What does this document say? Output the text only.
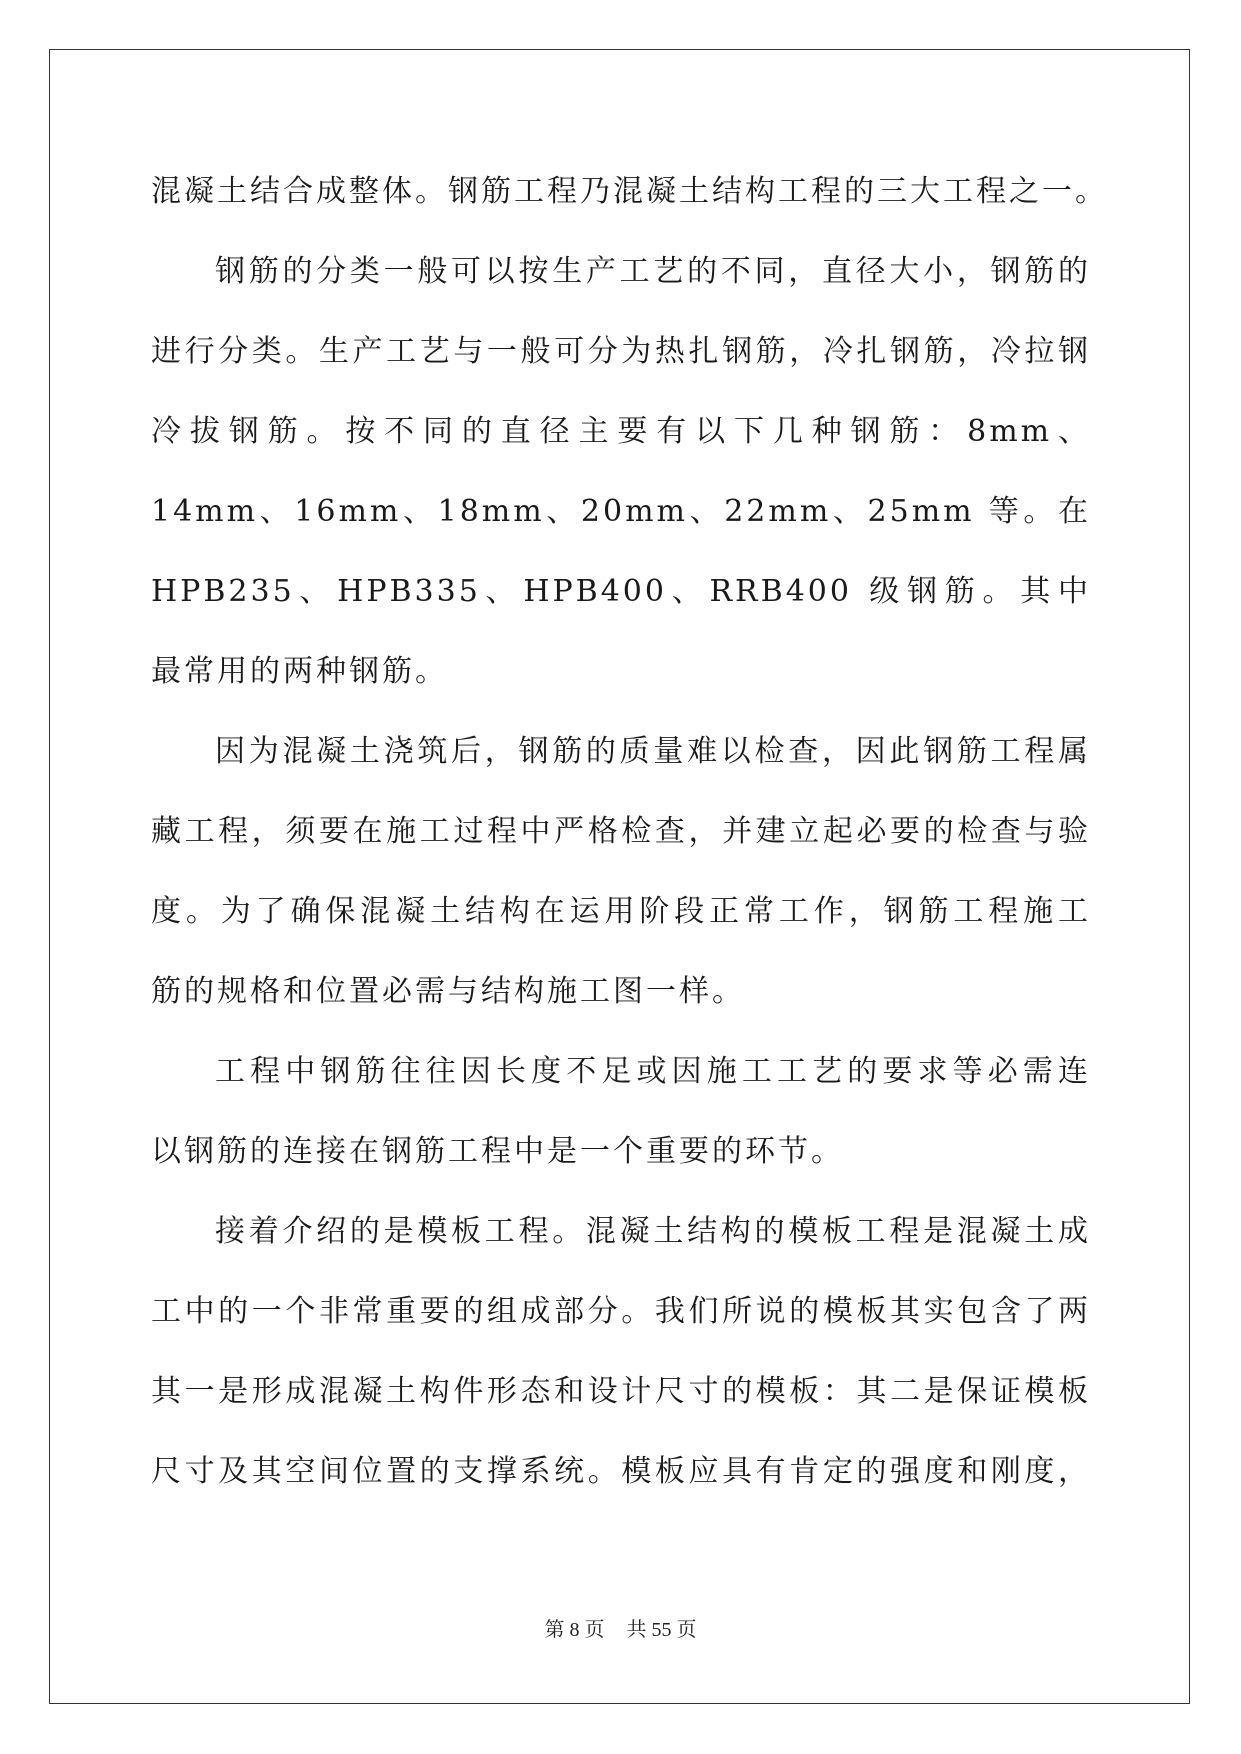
混凝土结合成整体。钢筋工程乃混凝土结构工程的三大工程之一。
钢筋的分类一般可以按生产工艺的不同，直径大小，钢筋的
进行分类。生产工艺与一般可分为热扎钢筋，冷扎钢筋，冷拉钢
冷拔钢筋。按不同的直径主要有以下几种钢筋：8mm、
14mm、16mm、18mm、20mm、22mm、25mm 等。在
HPB235、HPB335、HPB400、RRB400 级钢筋。其中
最常用的两种钢筋。
因为混凝土浇筑后，钢筋的质量难以检查，因此钢筋工程属
藏工程，须要在施工过程中严格检查，并建立起必要的检查与验
度。为了确保混凝土结构在运用阶段正常工作，钢筋工程施工
筋的规格和位置必需与结构施工图一样。
工程中钢筋往往因长度不足或因施工工艺的要求等必需连
以钢筋的连接在钢筋工程中是一个重要的环节。
接着介绍的是模板工程。混凝土结构的模板工程是混凝土成
工中的一个非常重要的组成部分。我们所说的模板其实包含了两
其一是形成混凝土构件形态和设计尺寸的模板：其二是保证模板
尺寸及其空间位置的支撑系统。模板应具有肯定的强度和刚度，
第 8 页 共 55 页
